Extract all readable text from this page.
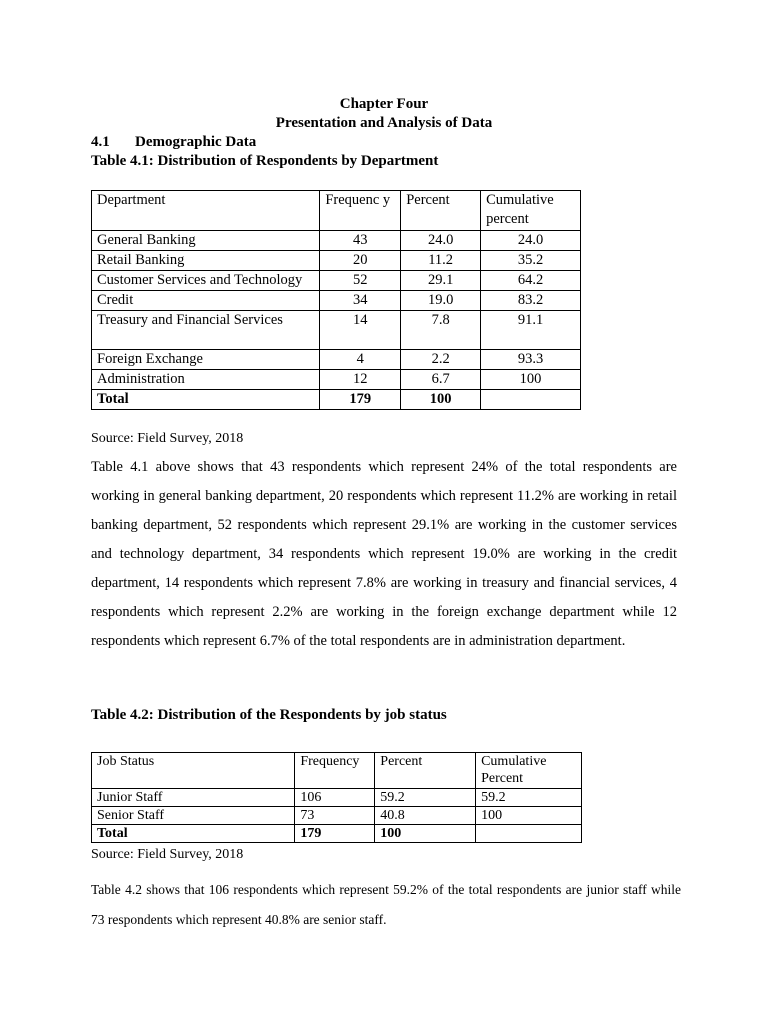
Chapter Four
Presentation and Analysis of Data
4.1 Demographic Data
Table 4.1: Distribution of Respondents by Department
Department	Frequenc y	Percent	Cumulative percent
General Banking	43	24.0	24.0
Retail Banking	20	11.2	35.2
Customer Services and Technology	52	29.1	64.2
Credit	34	19.0	83.2
Treasury and Financial Services	14	7.8	91.1
Foreign Exchange	4	2.2	93.3
Administration	12	6.7	100
Total	179	100	
Source: Field Survey, 2018

Table 4.1 above shows that 43 respondents which represent 24% of the total respondents are working in general banking department, 20 respondents which represent 11.2% are working in retail banking department, 52 respondents which represent 29.1% are working in the customer services and technology department, 34 respondents which represent 19.0% are working in the credit department, 14 respondents which represent 7.8% are working in treasury and financial services, 4 respondents which represent 2.2% are working in the foreign exchange department while 12 respondents which represent 6.7% of the total respondents are in administration department.

Table 4.2: Distribution of the Respondents by job status
Job Status	Frequency	Percent	Cumulative Percent
Junior Staff	106	59.2	59.2
Senior Staff	73	40.8	100
Total	179	100	
Source: Field Survey, 2018

Table 4.2 shows that 106 respondents which represent 59.2% of the total respondents are junior staff while 73 respondents which represent 40.8% are senior staff.
